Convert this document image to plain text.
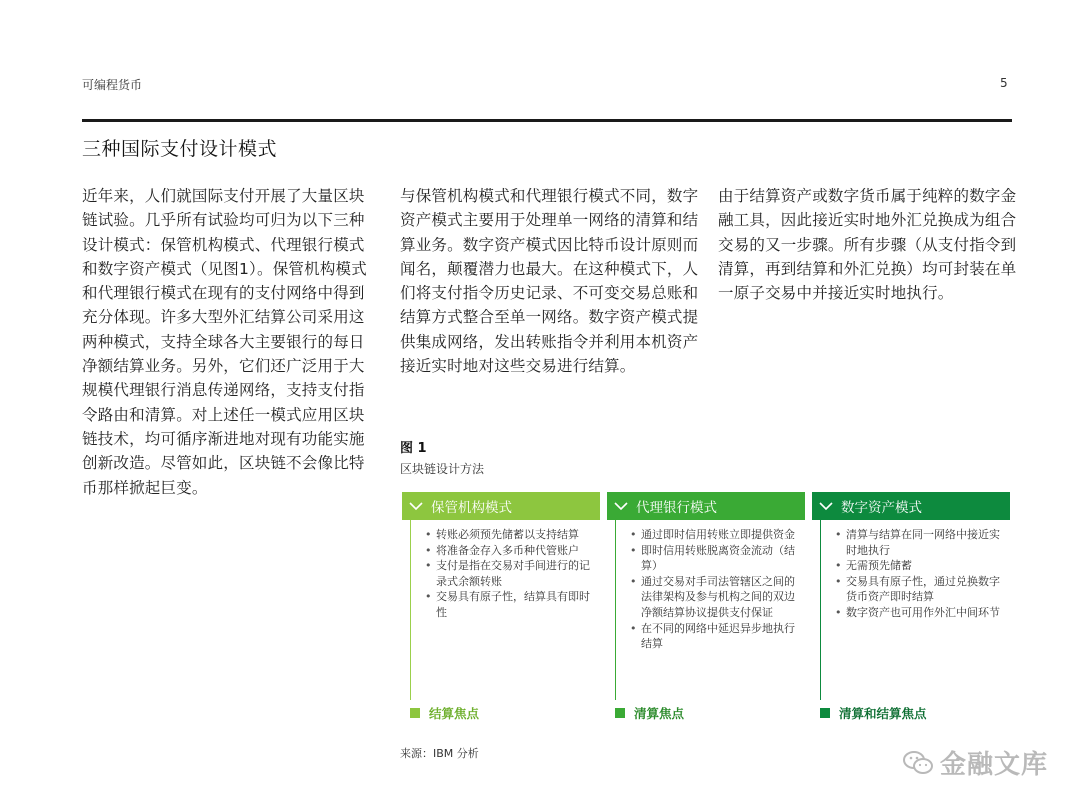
可编程货币	5
三种国际支付设计模式
近年来，人们就国际支付开展了大量区块链试验。几乎所有试验均可归为以下三种设计模式：保管机构模式、代理银行模式和数字资产模式（见图1）。保管机构模式和代理银行模式在现有的支付网络中得到充分体现。许多大型外汇结算公司采用这两种模式，支持全球各大主要银行的每日净额结算业务。另外，它们还广泛用于大规模代理银行消息传递网络，支持支付指令路由和清算。对上述任一模式应用区块链技术，均可循序渐进地对现有功能实施创新改造。尽管如此，区块链不会像比特币那样掀起巨变。
与保管机构模式和代理银行模式不同，数字资产模式主要用于处理单一网络的清算和结算业务。数字资产模式因比特币设计原则而闻名，颠覆潜力也最大。在这种模式下，人们将支付指令历史记录、不可变交易总账和结算方式整合至单一网络。数字资产模式提供集成网络，发出转账指令并利用本机资产接近实时地对这些交易进行结算。
由于结算资产或数字货币属于纯粹的数字金融工具，因此接近实时地外汇兑换成为组合交易的又一步骤。所有步骤（从支付指令到清算，再到结算和外汇兑换）均可封装在单一原子交易中并接近实时地执行。
图 1
区块链设计方法
保管机构模式
• 转账必须预先储蓄以支持结算
• 将准备金存入多币种代管账户
• 支付是指在交易对手间进行的记录式余额转账
• 交易具有原子性，结算具有即时性
结算焦点
代理银行模式
• 通过即时信用转账立即提供资金
• 即时信用转账脱离资金流动（结算）
• 通过交易对手司法管辖区之间的法律架构及参与机构之间的双边净额结算协议提供支付保证
• 在不同的网络中延迟异步地执行结算
清算焦点
数字资产模式
• 清算与结算在同一网络中接近实时地执行
• 无需预先储蓄
• 交易具有原子性，通过兑换数字货币资产即时结算
• 数字资产也可用作外汇中间环节
清算和结算焦点
来源：IBM 分析	金融文库
